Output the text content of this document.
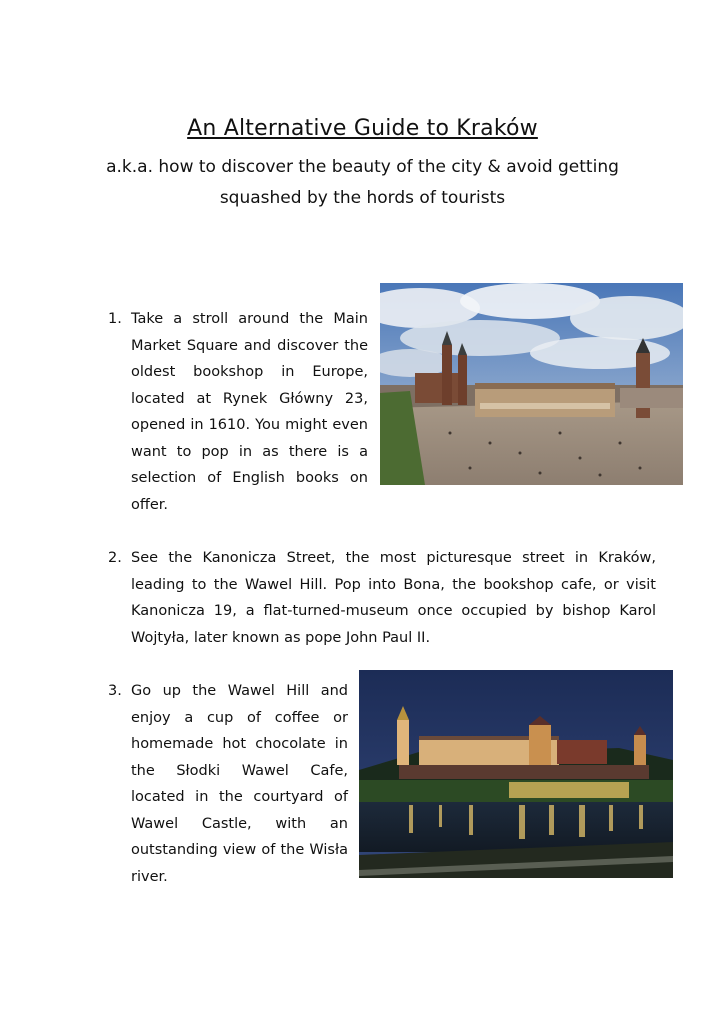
An Alternative Guide to Kraków
a.k.a. how to discover the beauty of the city & avoid getting squashed by the hords of tourists
1. Take a stroll around the Main Market Square and discover the oldest bookshop in Europe, located at Rynek Główny 23, opened in 1610. You might even want to pop in as there is a selection of English books on offer.
2. See the Kanonicza Street, the most picturesque street in Kraków, leading to the Wawel Hill. Pop into Bona, the bookshop cafe, or visit Kanonicza 19, a flat-turned-museum once occupied by bishop Karol Wojtyła, later known as pope John Paul II.
3. Go up the Wawel Hill and enjoy a cup of coffee or homemade hot chocolate in the Słodki Wawel Cafe, located in the courtyard of Wawel Castle, with an outstanding view of the Wisła river.
